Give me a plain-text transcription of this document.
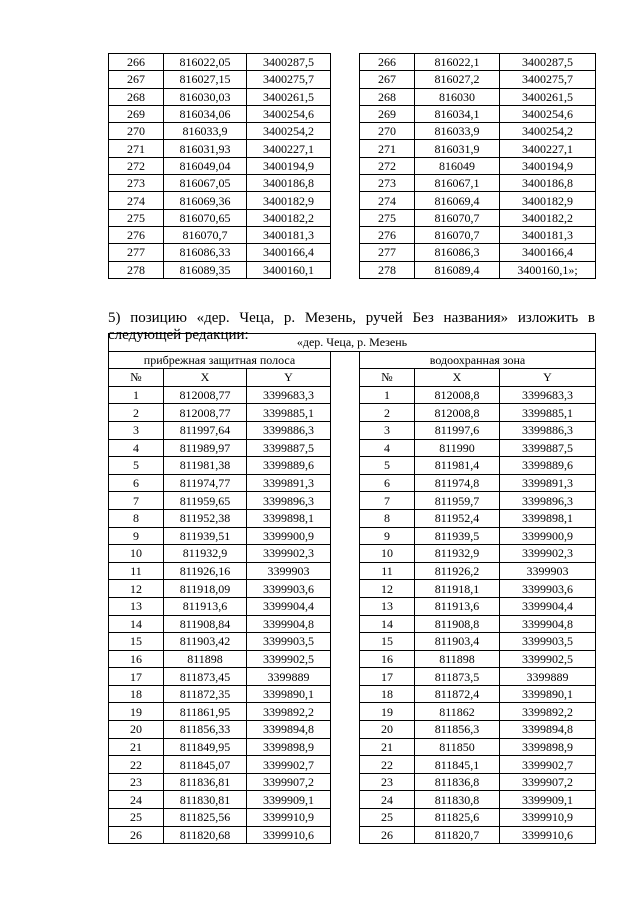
266	816022,05	3400287,5		266	816022,1	3400287,5
267	816027,15	3400275,7		267	816027,2	3400275,7
268	816030,03	3400261,5		268	816030	3400261,5
269	816034,06	3400254,6		269	816034,1	3400254,6
270	816033,9	3400254,2		270	816033,9	3400254,2
271	816031,93	3400227,1		271	816031,9	3400227,1
272	816049,04	3400194,9		272	816049	3400194,9
273	816067,05	3400186,8		273	816067,1	3400186,8
274	816069,36	3400182,9		274	816069,4	3400182,9
275	816070,65	3400182,2		275	816070,7	3400182,2
276	816070,7	3400181,3		276	816070,7	3400181,3
277	816086,33	3400166,4		277	816086,3	3400166,4
278	816089,35	3400160,1		278	816089,4	3400160,1»;

5) позицию «дер. Чеца, р. Мезень, ручей Без названия» изложить в следующей редакции:	«дер. Чеца, р. Мезень						
прибрежная защитная полоса				водоохранная зона		
№	X	Y		№	X	Y
1	812008,77	3399683,3		1	812008,8	3399683,3
2	812008,77	3399885,1		2	812008,8	3399885,1
3	811997,64	3399886,3		3	811997,6	3399886,3
4	811989,97	3399887,5		4	811990	3399887,5
5	811981,38	3399889,6		5	811981,4	3399889,6
6	811974,77	3399891,3		6	811974,8	3399891,3
7	811959,65	3399896,3		7	811959,7	3399896,3
8	811952,38	3399898,1		8	811952,4	3399898,1
9	811939,51	3399900,9		9	811939,5	3399900,9
10	811932,9	3399902,3		10	811932,9	3399902,3
11	811926,16	3399903		11	811926,2	3399903
12	811918,09	3399903,6		12	811918,1	3399903,6
13	811913,6	3399904,4		13	811913,6	3399904,4
14	811908,84	3399904,8		14	811908,8	3399904,8
15	811903,42	3399903,5		15	811903,4	3399903,5
16	811898	3399902,5		16	811898	3399902,5
17	811873,45	3399889		17	811873,5	3399889
18	811872,35	3399890,1		18	811872,4	3399890,1
19	811861,95	3399892,2		19	811862	3399892,2
20	811856,33	3399894,8		20	811856,3	3399894,8
21	811849,95	3399898,9		21	811850	3399898,9
22	811845,07	3399902,7		22	811845,1	3399902,7
23	811836,81	3399907,2		23	811836,8	3399907,2
24	811830,81	3399909,1		24	811830,8	3399909,1
25	811825,56	3399910,9		25	811825,6	3399910,9
26	811820,68	3399910,6		26	811820,7	3399910,6
